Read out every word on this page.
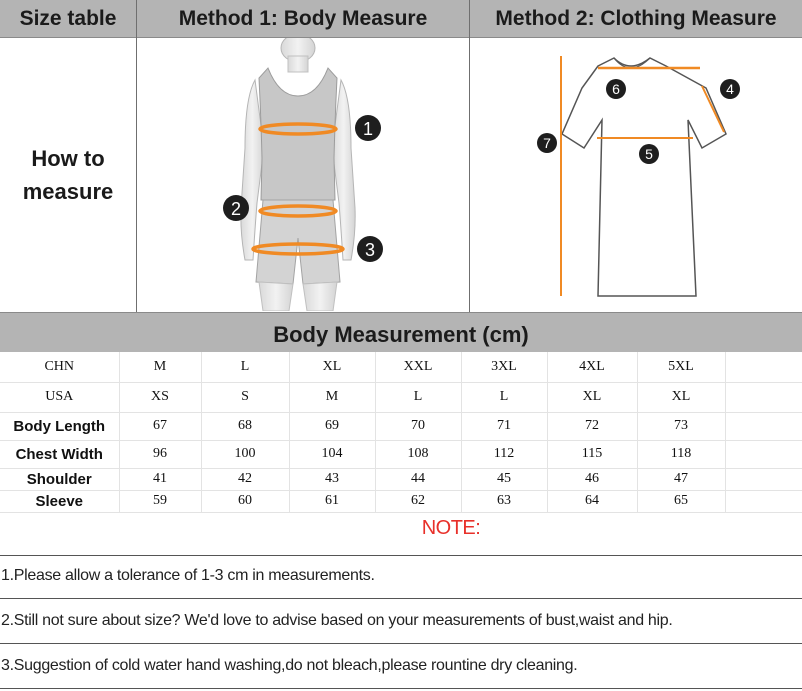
Size table	Method 1: Body Measure	Method 2: Clothing Measure
How to
measure
1
2
3
6	4
7
5
Body Measurement (cm)
CHN	M	L	XL	XXL	3XL	4XL	5XL	
USA	XS	S	M	L	L	XL	XL	
Body Length	67	68	69	70	71	72	73	
Chest Width	96	100	104	108	112	115	118	
Shoulder	41	42	43	44	45	46	47	
Sleeve	59	60	61	62	63	64	65	
NOTE:
1.Please allow a tolerance of 1-3 cm in measurements.
2.Still not sure about size? We'd love to advise based on your measurements of bust,waist and hip.
3.Suggestion of cold water hand washing,do not bleach,please rountine dry cleaning.
